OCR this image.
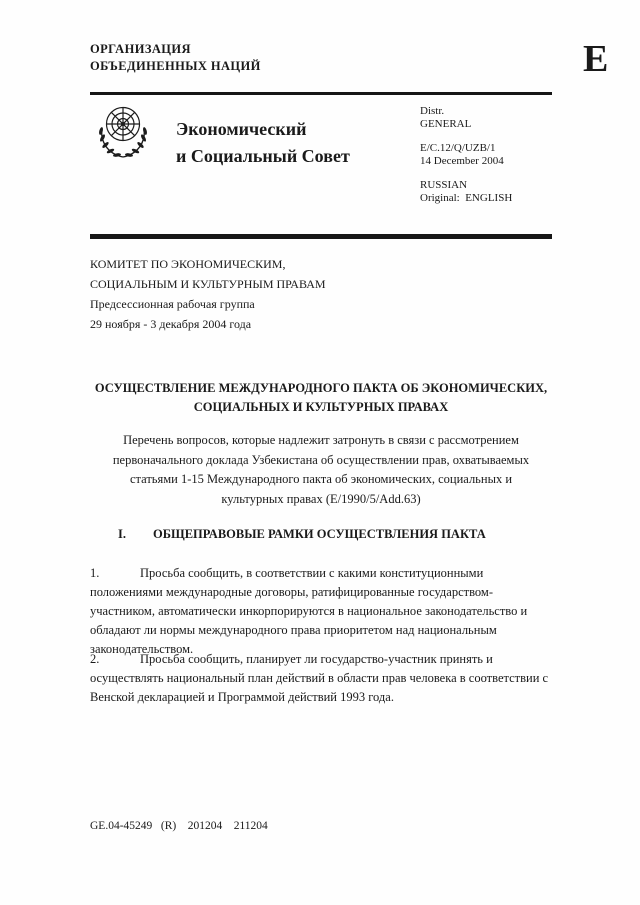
ОРГАНИЗАЦИЯ
ОБЪЕДИНЕННЫХ НАЦИЙ	E
Экономический
и Социальный Совет
Distr.
GENERAL
E/C.12/Q/UZB/1
14 December 2004
RUSSIAN
Original:  ENGLISH
КОМИТЕТ ПО ЭКОНОМИЧЕСКИМ,
СОЦИАЛЬНЫМ И КУЛЬТУРНЫМ ПРАВАМ
Предсессионная рабочая группа
29 ноября - 3 декабря 2004 года
ОСУЩЕСТВЛЕНИЕ МЕЖДУНАРОДНОГО ПАКТА ОБ ЭКОНОМИЧЕСКИХ,
СОЦИАЛЬНЫХ И КУЛЬТУРНЫХ ПРАВАХ
Перечень вопросов, которые надлежит затронуть в связи с рассмотрением первоначального доклада Узбекистана об осуществлении прав, охватываемых статьями 1-15 Международного пакта об экономических, социальных и культурных правах (E/1990/5/Add.63)
I. ОБЩЕПРАВОВЫЕ РАМКИ ОСУЩЕСТВЛЕНИЯ ПАКТА
1.	Просьба сообщить, в соответствии с какими конституционными положениями международные договоры, ратифицированные государством-участником, автоматически инкорпорируются в национальное законодательство и обладают ли нормы международного права приоритетом над национальным законодательством.
2.	Просьба сообщить, планирует ли государство-участник принять и осуществлять национальный план действий в области прав человека в соответствии с Венской декларацией и Программой действий 1993 года.
GE.04-45249   (R)    201204    211204
